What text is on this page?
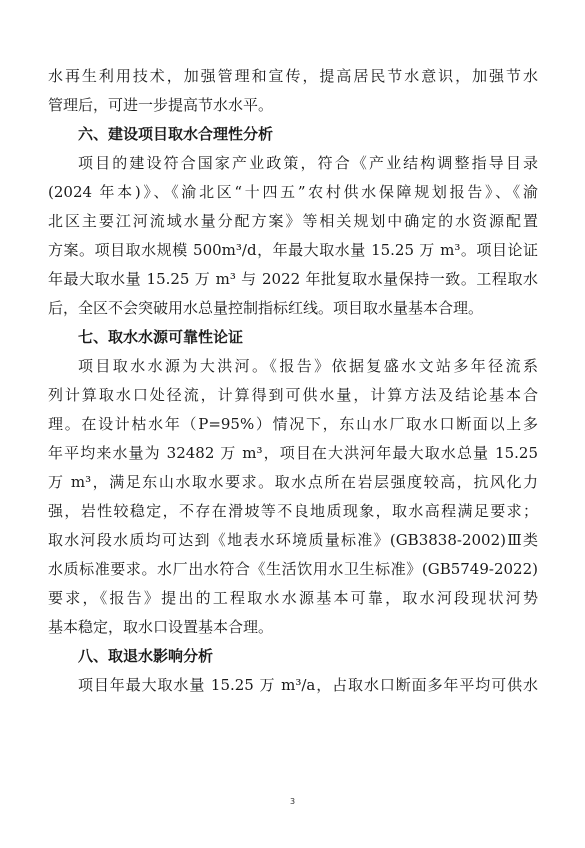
水再生利用技术，加强管理和宣传，提高居民节水意识，加强节水
管理后，可进一步提高节水水平。
六、建设项目取水合理性分析
项目的建设符合国家产业政策，符合《产业结构调整指导目录
(2024 年本)》、《渝北区“十四五”农村供水保障规划报告》、《渝
北区主要江河流域水量分配方案》等相关规划中确定的水资源配置
方案。项目取水规模 500m³/d，年最大取水量 15.25 万 m³。项目论证
年最大取水量 15.25 万 m³ 与 2022 年批复取水量保持一致。工程取水
后，全区不会突破用水总量控制指标红线。项目取水量基本合理。
七、取水水源可靠性论证
项目取水水源为大洪河。《报告》依据复盛水文站多年径流系
列计算取水口处径流，计算得到可供水量，计算方法及结论基本合
理。在设计枯水年（P=95%）情况下，东山水厂取水口断面以上多
年平均来水量为 32482 万 m³，项目在大洪河年最大取水总量 15.25
万 m³，满足东山水取水要求。取水点所在岩层强度较高，抗风化力
强，岩性较稳定，不存在滑坡等不良地质现象，取水高程满足要求；
取水河段水质均可达到《地表水环境质量标准》(GB3838-2002)Ⅲ类
水质标准要求。水厂出水符合《生活饮用水卫生标准》(GB5749-2022)
要求，《报告》提出的工程取水水源基本可靠，取水河段现状河势
基本稳定，取水口设置基本合理。
八、取退水影响分析
项目年最大取水量 15.25 万 m³/a，占取水口断面多年平均可供水
3
